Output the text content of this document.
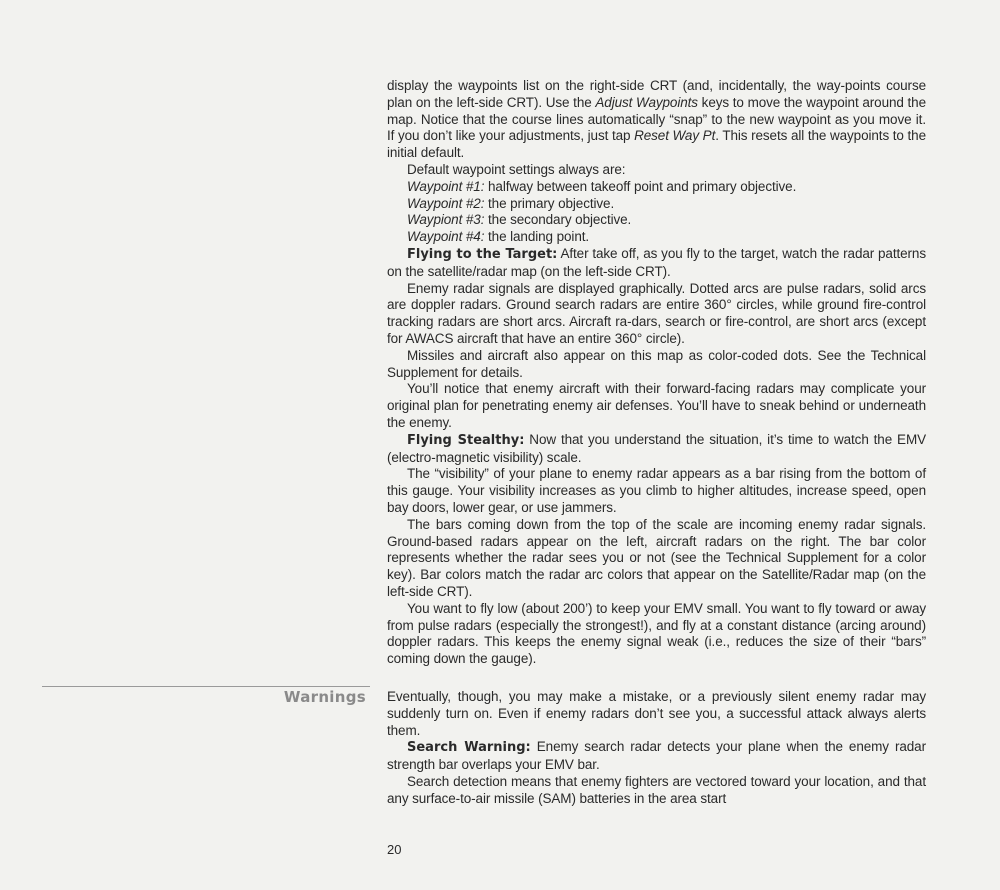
display the waypoints list on the right-side CRT (and, incidentally, the way-points course plan on the left-side CRT). Use the Adjust Waypoints keys to move the waypoint around the map. Notice that the course lines automatically “snap” to the new waypoint as you move it. If you don’t like your adjustments, just tap Reset Way Pt. This resets all the waypoints to the initial default.

Default waypoint settings always are:

Waypoint #1: halfway between takeoff point and primary objective.

Waypoint #2: the primary objective.

Waypiont #3: the secondary objective.

Waypoint #4: the landing point.

Flying to the Target: After take off, as you fly to the target, watch the radar patterns on the satellite/radar map (on the left-side CRT).

Enemy radar signals are displayed graphically. Dotted arcs are pulse radars, solid arcs are doppler radars. Ground search radars are entire 360° circles, while ground fire-control tracking radars are short arcs. Aircraft ra-dars, search or fire-control, are short arcs (except for AWACS aircraft that have an entire 360° circle).

Missiles and aircraft also appear on this map as color-coded dots. See the Technical Supplement for details.

You’ll notice that enemy aircraft with their forward-facing radars may complicate your original plan for penetrating enemy air defenses. You’ll have to sneak behind or underneath the enemy.

Flying Stealthy: Now that you understand the situation, it’s time to watch the EMV (electro-magnetic visibility) scale.

The “visibility” of your plane to enemy radar appears as a bar rising from the bottom of this gauge. Your visibility increases as you climb to higher altitudes, increase speed, open bay doors, lower gear, or use jammers.

The bars coming down from the top of the scale are incoming enemy radar signals. Ground-based radars appear on the left, aircraft radars on the right. The bar color represents whether the radar sees you or not (see the Technical Supplement for a color key). Bar colors match the radar arc colors that appear on the Satellite/Radar map (on the left-side CRT).

You want to fly low (about 200’) to keep your EMV small. You want to fly toward or away from pulse radars (especially the strongest!), and fly at a constant distance (arcing around) doppler radars. This keeps the enemy signal weak (i.e., reduces the size of their “bars” coming down the gauge).

Warnings Eventually, though, you may make a mistake, or a previously silent enemy radar may suddenly turn on. Even if enemy radars don’t see you, a successful attack always alerts them.

Search Warning: Enemy search radar detects your plane when the enemy radar strength bar overlaps your EMV bar.

Search detection means that enemy fighters are vectored toward your location, and that any surface-to-air missile (SAM) batteries in the area start

20
